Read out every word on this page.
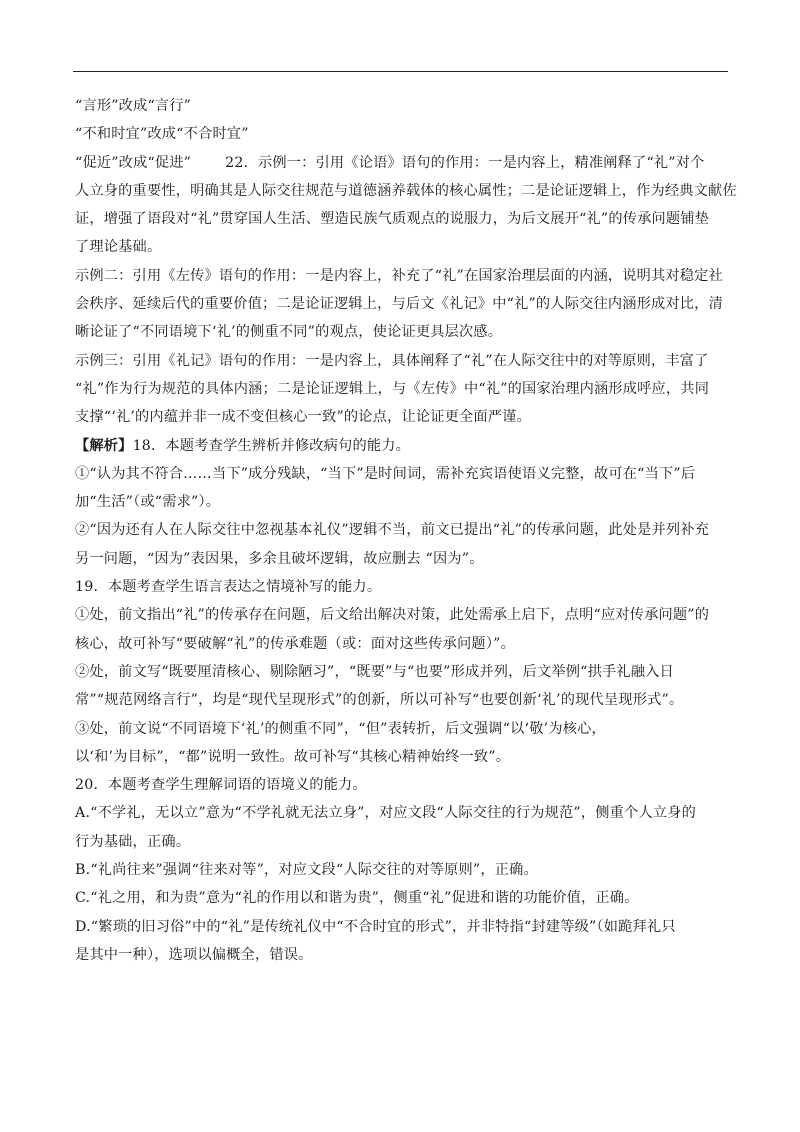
“言形”改成“言行”
“不和时宜”改成“不合时宜”
“促近”改成“促进” 22．示例一：引用《论语》语句的作用：一是内容上，精准阐释了“礼”对个
人立身的重要性，明确其是人际交往规范与道德涵养载体的核心属性；二是论证逻辑上，作为经典文献佐
证，增强了语段对“礼”贯穿国人生活、塑造民族气质观点的说服力，为后文展开“礼”的传承问题铺垫
了理论基础。
示例二：引用《左传》语句的作用：一是内容上，补充了“礼”在国家治理层面的内涵，说明其对稳定社
会秩序、延续后代的重要价值；二是论证逻辑上，与后文《礼记》中“礼”的人际交往内涵形成对比，清
晰论证了“不同语境下‘礼’的侧重不同”的观点，使论证更具层次感。
示例三：引用《礼记》语句的作用：一是内容上，具体阐释了“礼”在人际交往中的对等原则，丰富了
“礼”作为行为规范的具体内涵；二是论证逻辑上，与《左传》中“礼”的国家治理内涵形成呼应，共同
支撑“‘礼’的内蕴并非一成不变但核心一致”的论点，让论证更全面严谨。
【解析】18．本题考查学生辨析并修改病句的能力。
①“认为其不符合……当下”成分残缺，“当下”是时间词，需补充宾语使语义完整，故可在“当下”后
加“生活”（或“需求”）。
②“因为还有人在人际交往中忽视基本礼仪”逻辑不当，前文已提出“礼”的传承问题，此处是并列补充
另一问题，“因为”表因果，多余且破坏逻辑，故应删去 “因为”。
19．本题考查学生语言表达之情境补写的能力。
①处，前文指出“礼”的传承存在问题，后文给出解决对策，此处需承上启下，点明“应对传承问题”的
核心，故可补写“要破解“礼”的传承难题（或：面对这些传承问题）”。
②处，前文写“既要厘清核心、剔除陋习”，“既要”与“也要”形成并列，后文举例“拱手礼融入日
常”“规范网络言行”，均是“现代呈现形式”的创新，所以可补写“也要创新‘礼’的现代呈现形式”。
③处，前文说“不同语境下‘礼’的侧重不同”，“但”表转折，后文强调“以‘敬’为核心，
以‘和’为目标”，“都”说明一致性。故可补写“其核心精神始终一致”。
20．本题考查学生理解词语的语境义的能力。
A.“不学礼，无以立”意为“不学礼就无法立身”，对应文段“人际交往的行为规范”，侧重个人立身的
行为基础，正确。
B.“礼尚往来”强调“往来对等”，对应文段“人际交往的对等原则”，正确。
C.“礼之用，和为贵”意为“礼的作用以和谐为贵”，侧重“礼”促进和谐的功能价值，正确。
D.“繁琐的旧习俗”中的“礼”是传统礼仪中“不合时宜的形式”，并非特指“封建等级”（如跪拜礼只
是其中一种），选项以偏概全，错误。
